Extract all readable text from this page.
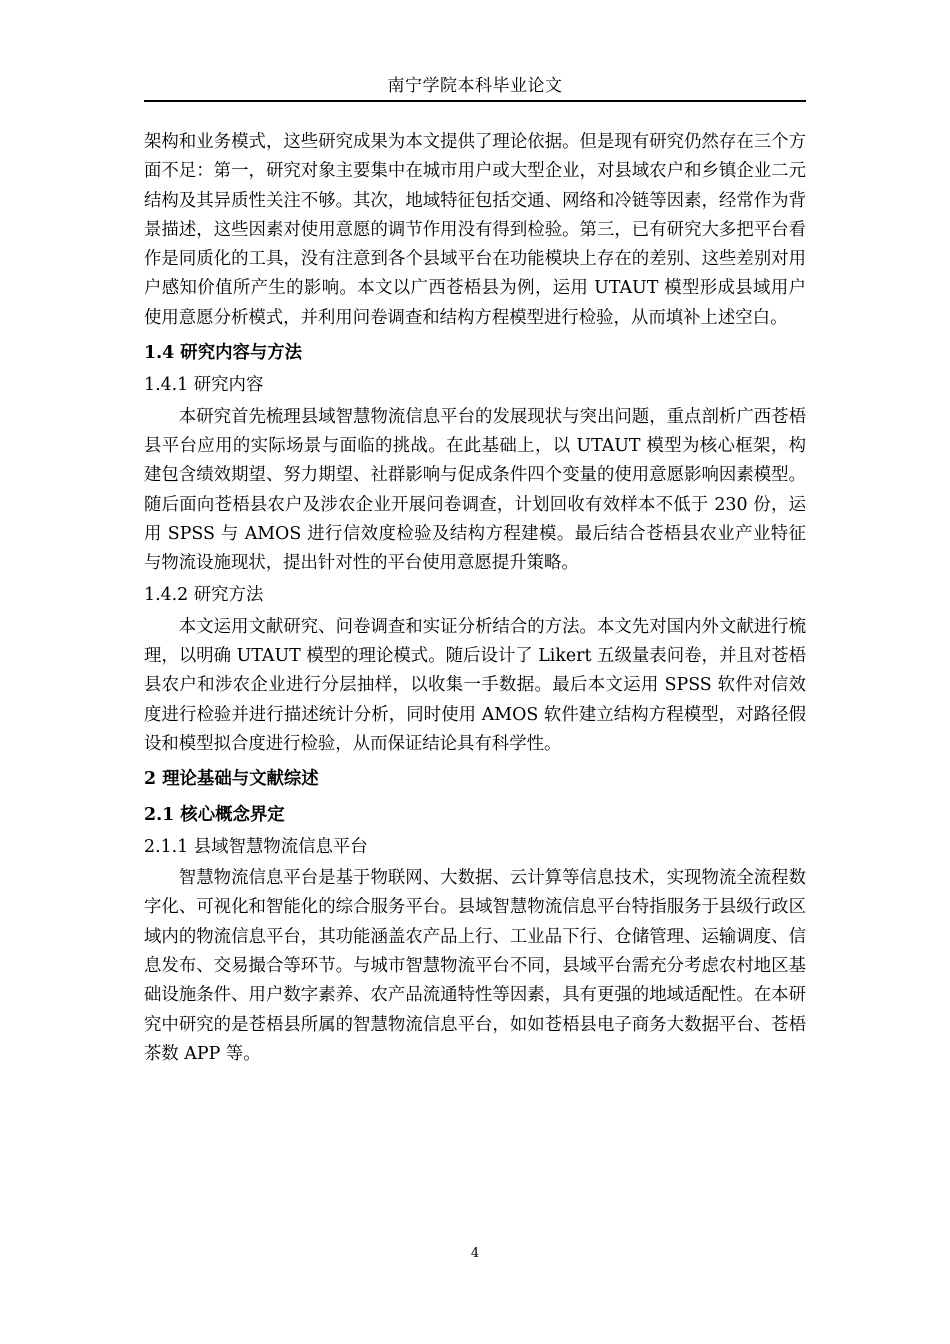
南宁学院本科毕业论文

架构和业务模式，这些研究成果为本文提供了理论依据。但是现有研究仍然存在三个方面不足：第一，研究对象主要集中在城市用户或大型企业，对县域农户和乡镇企业二元结构及其异质性关注不够。其次，地域特征包括交通、网络和冷链等因素，经常作为背景描述，这些因素对使用意愿的调节作用没有得到检验。第三，已有研究大多把平台看作是同质化的工具，没有注意到各个县域平台在功能模块上存在的差别、这些差别对用户感知价值所产生的影响。本文以广西苍梧县为例，运用 UTAUT 模型形成县域用户使用意愿分析模式，并利用问卷调查和结构方程模型进行检验，从而填补上述空白。

1.4 研究内容与方法

1.4.1 研究内容

本研究首先梳理县域智慧物流信息平台的发展现状与突出问题，重点剖析广西苍梧县平台应用的实际场景与面临的挑战。在此基础上，以 UTAUT 模型为核心框架，构建包含绩效期望、努力期望、社群影响与促成条件四个变量的使用意愿影响因素模型。随后面向苍梧县农户及涉农企业开展问卷调查，计划回收有效样本不低于 230 份，运用 SPSS 与 AMOS 进行信效度检验及结构方程建模。最后结合苍梧县农业产业特征与物流设施现状，提出针对性的平台使用意愿提升策略。

1.4.2 研究方法

本文运用文献研究、问卷调查和实证分析结合的方法。本文先对国内外文献进行梳理，以明确 UTAUT 模型的理论模式。随后设计了 Likert 五级量表问卷，并且对苍梧县农户和涉农企业进行分层抽样，以收集一手数据。最后本文运用 SPSS 软件对信效度进行检验并进行描述统计分析，同时使用 AMOS 软件建立结构方程模型，对路径假设和模型拟合度进行检验，从而保证结论具有科学性。

2 理论基础与文献综述

2.1 核心概念界定

2.1.1 县域智慧物流信息平台

智慧物流信息平台是基于物联网、大数据、云计算等信息技术，实现物流全流程数字化、可视化和智能化的综合服务平台。县域智慧物流信息平台特指服务于县级行政区域内的物流信息平台，其功能涵盖农产品上行、工业品下行、仓储管理、运输调度、信息发布、交易撮合等环节。与城市智慧物流平台不同，县域平台需充分考虑农村地区基础设施条件、用户数字素养、农产品流通特性等因素，具有更强的地域适配性。在本研究中研究的是苍梧县所属的智慧物流信息平台，如如苍梧县电子商务大数据平台、苍梧茶数 APP 等。

4
